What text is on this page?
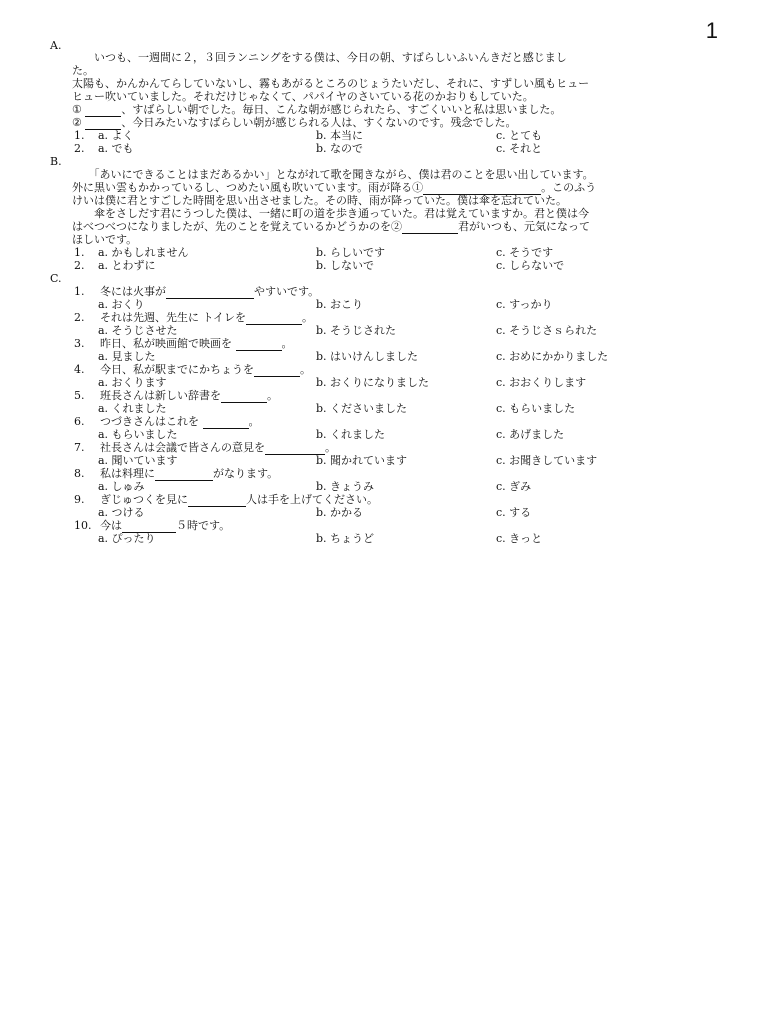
1
A.
　　いつも、一週間に２，３回ランニングをする僕は、今日の朝、すばらしいふいんきだと感じまし
た。
太陽も、かんかんてらしていないし、霧もあがるところのじょうたいだし、それに、すずしい風もヒュー
ヒュー吹いていました。それだけじゃなくて、パパイヤのさいている花のかおりもしていた。
①	、すばらしい朝でした。毎日、こんな朝が感じられたら、すごくいいと私は思いました。
②	、今日みたいなすばらしい朝が感じられる人は、すくないのです。残念でした。
1. a. よく	b. 本当に	c. とても
2. a. でも	b. なので	c. それと
B.
　　「あいにできることはまだあるかい」とながれて歌を聞きながら、僕は君のことを思い出しています。
外に黒い雲もかかっているし、つめたい風も吹いています。雨が降る①	。このふう
けいは僕に君とすごした時間を思い出させました。その時、雨が降っていた。僕は傘を忘れていた。
　　傘をさしだす君にうつした僕は、一緒に町の道を歩き通っていた。君は覚えていますか。君と僕は今
はべつべつになりましたが、先のことを覚えているかどうかのを②	君がいつも、元気になって
ほしいです。
1. a. かもしれません	b. らしいです	c. そうです
2. a. とわずに	b. しないで	c. しらないで
C.
1. 冬には火事が	やすいです。
a. おくり	b. おこり	c. すっかり
2. それは先週、先生に トイレを	。
a. そうじさせた	b. そうじされた	c. そうじさｓられた
3. 昨日、私が映画館で映画を	。
a. 見ました	b. はいけんしました	c. おめにかかりました
4. 今日、私が駅までにかちょうを	。
a. おくります	b. おくりになりました	c. おおくりします
5. 班長さんは新しい辞書を	。
a. くれました	b. くださいました	c. もらいました
6. つづきさんはこれを	。
a. もらいました	b. くれました	c. あげました
7. 社長さんは会議で皆さんの意見を	。
a. 聞いています	b. 聞かれています	c. お聞きしています
8. 私は料理に	がなります。
a. しゅみ	b. きょうみ	c. ぎみ
9. ぎじゅつくを見に	人は手を上げてください。
a. つける	b. かかる	c. する
10. 今は	５時です。
a. ぴったり	b. ちょうど	c. きっと
